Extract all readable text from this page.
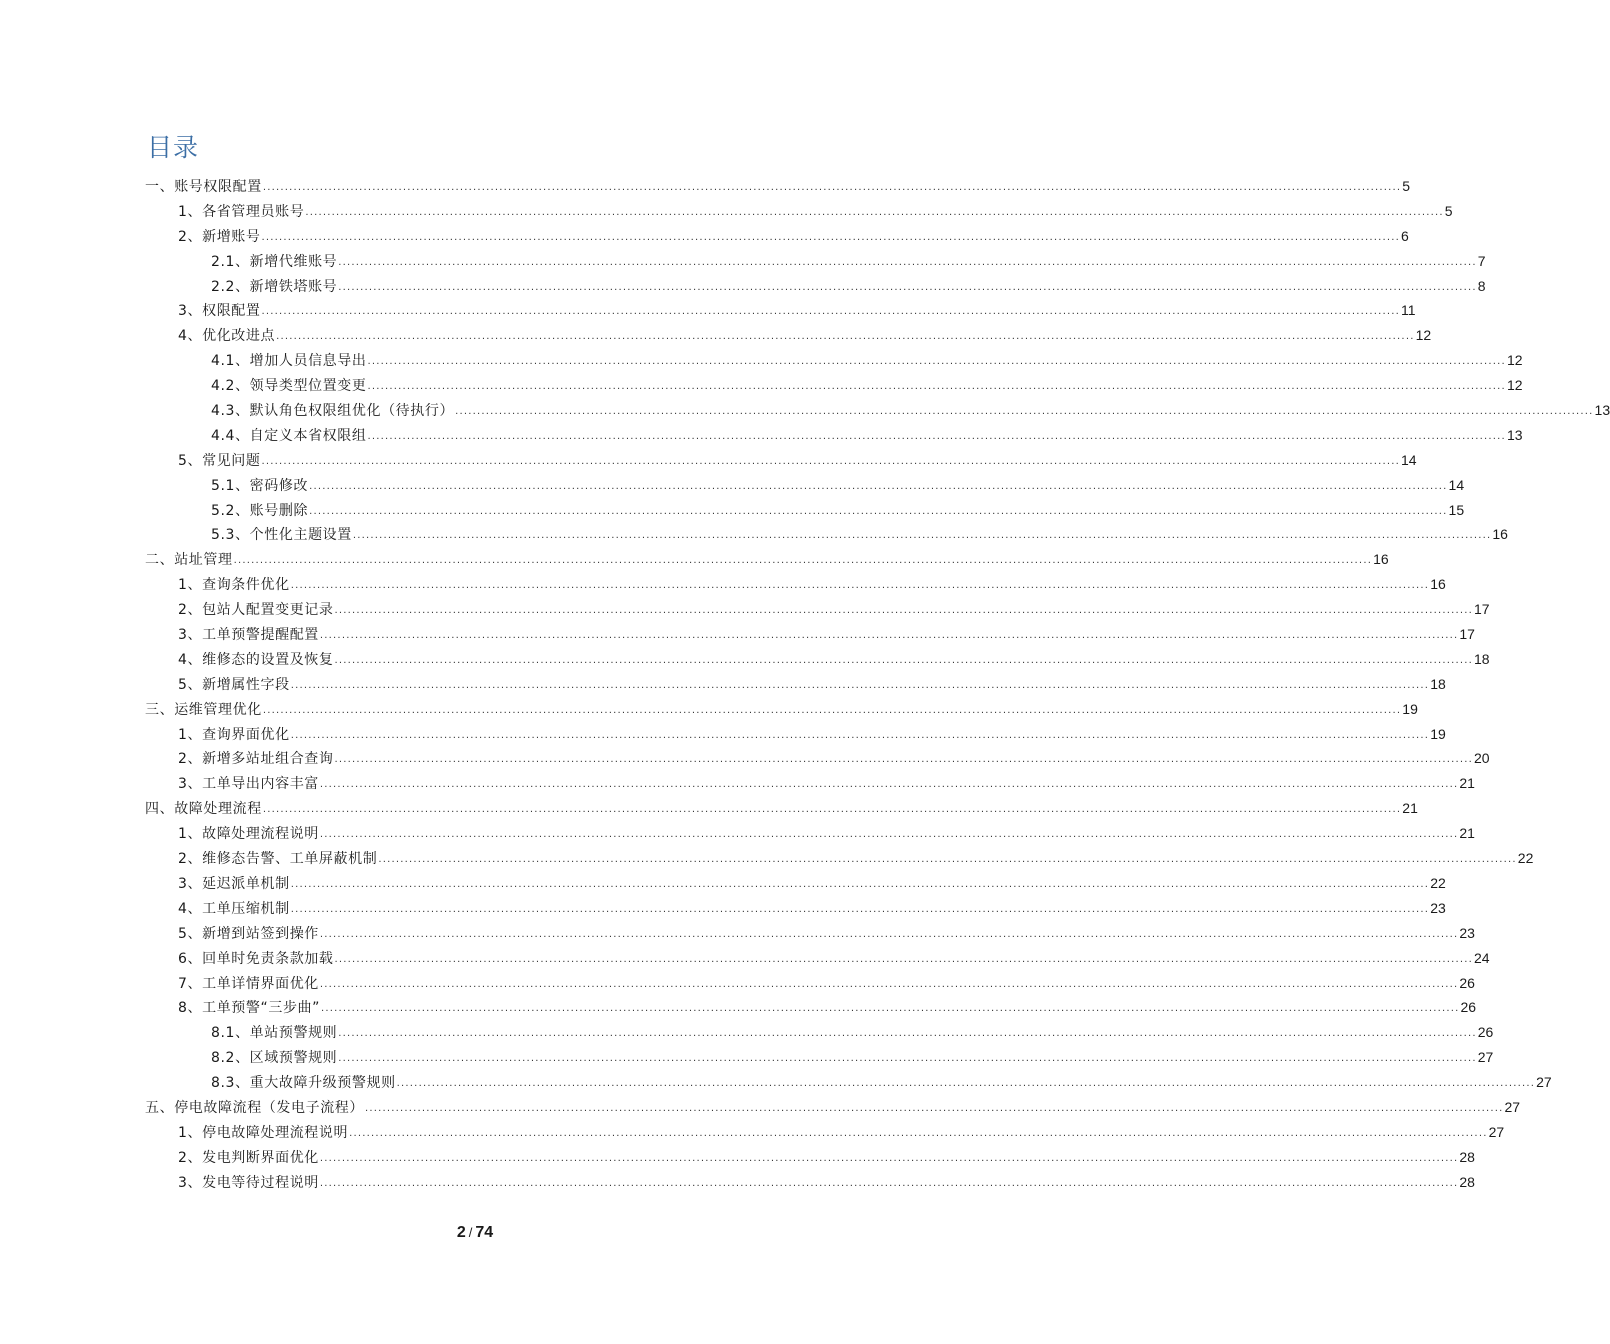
目录
一、账号权限配置 .................................................................................................................................................................................................................................................................... 5
1、各省管理员账号 .................................................................................................................................................................................................................................................................... 5
2、新增账号 .................................................................................................................................................................................................................................................................... 6
2.1、新增代维账号 .................................................................................................................................................................................................................................................................... 7
2.2、新增铁塔账号 .................................................................................................................................................................................................................................................................... 8
3、权限配置 .................................................................................................................................................................................................................................................................... 11
4、优化改进点 .................................................................................................................................................................................................................................................................... 12
4.1、增加人员信息导出 .................................................................................................................................................................................................................................................................... 12
4.2、领导类型位置变更 .................................................................................................................................................................................................................................................................... 12
4.3、默认角色权限组优化（待执行） .................................................................................................................................................................................................................................................................... 13
4.4、自定义本省权限组 .................................................................................................................................................................................................................................................................... 13
5、常见问题 .................................................................................................................................................................................................................................................................... 14
5.1、密码修改 .................................................................................................................................................................................................................................................................... 14
5.2、账号删除 .................................................................................................................................................................................................................................................................... 15
5.3、个性化主题设置 .................................................................................................................................................................................................................................................................... 16
二、站址管理 .................................................................................................................................................................................................................................................................... 16
1、查询条件优化 .................................................................................................................................................................................................................................................................... 16
2、包站人配置变更记录 .................................................................................................................................................................................................................................................................... 17
3、工单预警提醒配置 .................................................................................................................................................................................................................................................................... 17
4、维修态的设置及恢复 .................................................................................................................................................................................................................................................................... 18
5、新增属性字段 .................................................................................................................................................................................................................................................................... 18
三、运维管理优化 .................................................................................................................................................................................................................................................................... 19
1、查询界面优化 .................................................................................................................................................................................................................................................................... 19
2、新增多站址组合查询 .................................................................................................................................................................................................................................................................... 20
3、工单导出内容丰富 .................................................................................................................................................................................................................................................................... 21
四、故障处理流程 .................................................................................................................................................................................................................................................................... 21
1、故障处理流程说明 .................................................................................................................................................................................................................................................................... 21
2、维修态告警、工单屏蔽机制 .................................................................................................................................................................................................................................................................... 22
3、延迟派单机制 .................................................................................................................................................................................................................................................................... 22
4、工单压缩机制 .................................................................................................................................................................................................................................................................... 23
5、新增到站签到操作 .................................................................................................................................................................................................................................................................... 23
6、回单时免责条款加载 .................................................................................................................................................................................................................................................................... 24
7、工单详情界面优化 .................................................................................................................................................................................................................................................................... 26
8、工单预警“三步曲” .................................................................................................................................................................................................................................................................... 26
8.1、单站预警规则 .................................................................................................................................................................................................................................................................... 26
8.2、区域预警规则 .................................................................................................................................................................................................................................................................... 27
8.3、重大故障升级预警规则 .................................................................................................................................................................................................................................................................... 27
五、停电故障流程（发电子流程） .................................................................................................................................................................................................................................................................... 27
1、停电故障处理流程说明 .................................................................................................................................................................................................................................................................... 27
2、发电判断界面优化 .................................................................................................................................................................................................................................................................... 28
3、发电等待过程说明 .................................................................................................................................................................................................................................................................... 28
2 / 74
